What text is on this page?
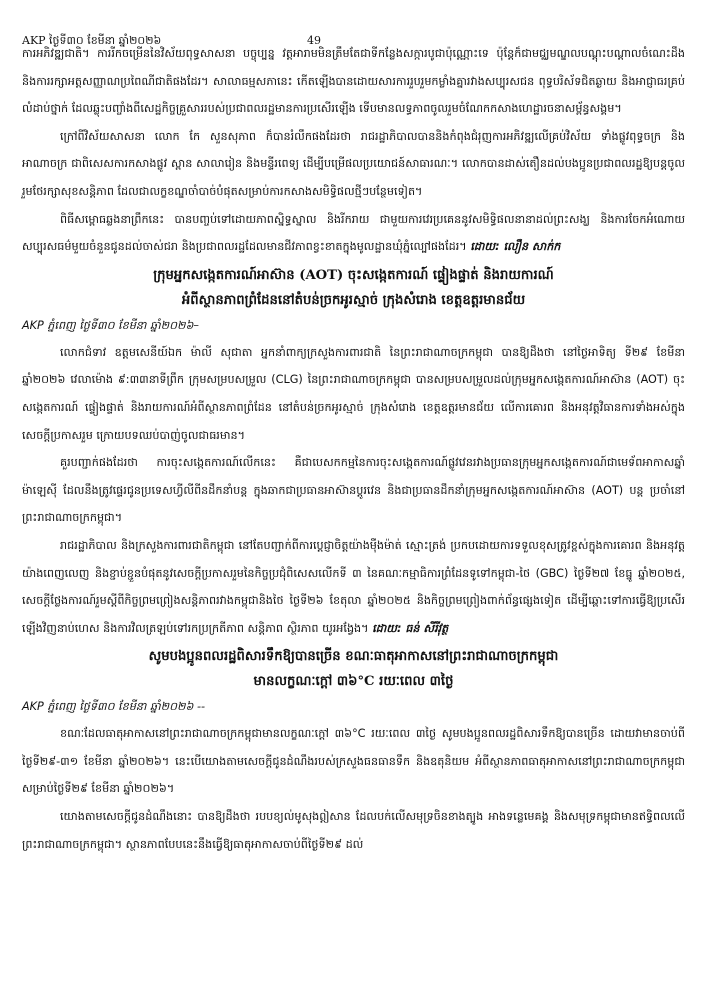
AKP ថ្ងៃទី៣០ ខែមីនា ឆ្នាំ២០២៦	49

ការអភិវឌ្ឍជាតិ។ ការរីកចម្រើននៃវិស័យពុទ្ធសាសនា បច្ចុប្បន្ន វត្តអារាមមិនត្រឹមតែជាទីកន្លែងសក្ការបូជាប៉ុណ្ណោះទេ ប៉ុន្តែក៏ជាមជ្ឈមណ្ឌលបណ្តុះបណ្តាលចំណេះដឹង និងការរក្សាអត្តសញ្ញាណប្រពៃណីជាតិផងដែរ។ សាលាធម្មសភានេះ កើតឡើងបានដោយសារការរួបរួមកម្លាំងគ្នារវាងសប្បុរសជន ពុទ្ធបរិស័ទជិតឆ្ងាយ និងអាជ្ញាធរគ្រប់លំដាប់ថ្នាក់ ដែលឆ្លុះបញ្ចាំងពីសេដ្ឋកិច្ចគ្រួសាររបស់ប្រជាពលរដ្ឋមានការប្រសើរឡើង ទើបមានលទ្ធភាពចូលរួមចំណែកកសាងហេដ្ឋារចនាសម្ព័ន្ធសង្គម។

ក្រៅពីវិស័យសាសនា លោក កែ សួនសុភាព ក៏បានរំលឹកផងដែរថា រាជរដ្ឋាភិបាលបាននិងកំពុងជំរុញការអភិវឌ្ឍលើគ្រប់វិស័យ ទាំងផ្លូវពុទ្ធចក្រ និងអាណាចក្រ ជាពិសេសការកសាងផ្លូវ ស្ពាន សាលារៀន និងមន្ទីរពេទ្យ ដើម្បីបម្រើផលប្រយោជន៍សាធារណៈ។ លោកបានដាស់តឿនដល់បងប្អូនប្រជាពលរដ្ឋឱ្យបន្តចូលរួមថែរក្សាសុខសន្តិភាព ដែលជាលក្ខខណ្ឌចាំបាច់បំផុតសម្រាប់ការកសាងសមិទ្ធិផលថ្មីៗបន្ថែមទៀត។

ពិធីសម្ពោធឆ្លងនាព្រឹកនេះ បានបញ្ចប់ទៅដោយភាពស្និទ្ធស្នាល និងរីករាយ ជាមួយការវេរប្រគេននូវសមិទ្ធិផលនានាដល់ព្រះសង្ឃ និងការចែកអំណោយសប្បុរសធម៌មួយចំនួនជូនដល់ចាស់ជរា និងប្រជាពលរដ្ឋដែលមានជីវភាពខ្វះខាតក្នុងមូលដ្ឋានឃុំភ្នំល្បៅផងដែរ។ ដោយ: លឿន សាក់ក

ក្រុមអ្នកសង្កេតការណ៍អាស៊ាន (AOT) ចុះសង្កេតការណ៍ ផ្ទៀងផ្ទាត់ និងរាយការណ៍
អំពីស្ថានភាពព្រំដែននៅតំបន់ច្រកអូរស្មាច់ ក្រុងសំរោង ខេត្តឧត្ដរមានជ័យ
AKP ភ្នំពេញ ថ្ងៃទី៣០ ខែមីនា ឆ្នាំ២០២៦–

លោកជំទាវ ឧត្តមសេនីយ៍ឯក ម៉ាលី សុជាតា អ្នកនាំពាក្យក្រសួងការពារជាតិ នៃព្រះរាជាណាចក្រកម្ពុជា បានឱ្យដឹងថា នៅថ្ងៃអាទិត្យ ទី២៩ ខែមីនា ឆ្នាំ២០២៦ វេលាម៉ោង ៩:៣៣នាទីព្រឹក ក្រុមសម្របសម្រួល (CLG) នៃព្រះរាជាណាចក្រកម្ពុជា បានសម្របសម្រួលដល់ក្រុមអ្នកសង្កេតការណ៍អាស៊ាន (AOT) ចុះសង្កេតការណ៍ ផ្ទៀងផ្ទាត់ និងរាយការណ៍អំពីស្ថានភាពព្រំដែន នៅតំបន់ច្រកអូរស្មាច់ ក្រុងសំរោង ខេត្តឧត្តរមានជ័យ លើការគោរព និងអនុវត្តវិធានការទាំងអស់ក្នុងសេចក្ដីប្រកាសរួម ក្រោយបទឈប់បាញ់ចូលជាធរមាន។

គួរបញ្ជាក់ផងដែរថា ការចុះសង្កេតការណ៍លើកនេះ គឺជាបេសកកម្មនៃការចុះសង្កេតការណ៍ផ្លូវវេនរវាងប្រធានក្រុមអ្នកសង្កេតការណ៍ជាមេទ័ពអាកាសឆ្នាំម៉ាឡេស៊ី ដែលនឹងត្រូវផ្ទេរជូនប្រទេសហ្វីលីពីនដឹកនាំបន្ត ក្នុងឆាកជាប្រធានអាស៊ានប្ដូរវេន និងជាប្រធានដឹកនាំក្រុមអ្នកសង្កេតការណ៍អាស៊ាន (AOT) បន្ត ប្រចាំនៅព្រះរាជាណាចក្រកម្ពុជា។

រាជរដ្ឋាភិបាល និងក្រសួងការពារជាតិកម្ពុជា នៅតែបញ្ជាក់ពីការប្តេជ្ញាចិត្តយ៉ាងម៉ឺងម៉ាត់ ស្មោះត្រង់ ប្រកបដោយការទទួលខុសត្រូវខ្ពស់ក្នុងការគោរព និងអនុវត្តយ៉ាងពេញលេញ និងខ្ជាប់ខ្ជួនបំផុតនូវសេចក្ដីប្រកាសរួមនៃកិច្ចប្រជុំពិសេសលើកទី ៣ នៃគណៈកម្មាធិការព្រំដែនទូទៅកម្ពុជា-ថៃ (GBC) ថ្ងៃទី២៧ ខែធ្នូ ឆ្នាំ២០២៥, សេចក្ដីថ្លែងការណ៍រួមស្ដីពីកិច្ចព្រមព្រៀងសន្តិភាពរវាងកម្ពុជានិងថៃ ថ្ងៃទី២៦ ខែតុលា ឆ្នាំ២០២៥ និងកិច្ចព្រមព្រៀងពាក់ព័ន្ធផ្សេងទៀត ដើម្បីឆ្ពោះទៅការធ្វើឱ្យប្រសើរឡើងវិញនាប់ហេស និងការវិលត្រឡប់ទៅរកប្រក្រតីភាព សន្តិភាព ស្ថិរភាព យូរអង្វែង។ ដោយ: ធន់ សីរីវុត្ថ

សូមបងប្អូនពលរដ្ឋពិសារទឹកឱ្យបានច្រើន ខណៈធាតុអាកាសនៅព្រះរាជាណាចក្រកម្ពុជា
មានលក្ខណៈក្ដៅ ៣៦°C រយៈពេល ៣ថ្ងៃ
AKP ភ្នំពេញ ថ្ងៃទី៣០ ខែមីនា ឆ្នាំ២០២៦ --

ខណៈដែលធាតុអាកាសនៅព្រះរាជាណាចក្រកម្ពុជាមានលក្ខណៈក្ដៅ ៣៦°C រយៈពេល ៣ថ្ងៃ សូមបងប្អូនពលរដ្ឋពិសារទឹកឱ្យបានច្រើន ដោយវាមានចាប់ពីថ្ងៃទី២៩-៣១ ខែមីនា ឆ្នាំ២០២៦។ នេះបើយោងតាមសេចក្ដីជូនដំណឹងរបស់ក្រសួងធនធានទឹក និងឧតុនិយម អំពីស្ថានភាពធាតុអាកាសនៅព្រះរាជាណាចក្រកម្ពុជា សម្រាប់ថ្ងៃទី២៩ ខែមីនា ឆ្នាំ២០២៦។

យោងតាមសេចក្ដីជូនដំណឹងនោះ បានឱ្យដឹងថា របបខ្យល់មូសុងឦសាន ដែលបក់លើសមុទ្រចិនខាងត្បូង អាងទន្លេមេគង្គ និងសមុទ្រកម្ពុជាមានឥទ្ធិពលលើព្រះរាជាណាចក្រកម្ពុជា។ ស្ថានភាពបែបនេះនឹងធ្វើឱ្យធាតុអាកាសចាប់ពីថ្ងៃទី២៩ ដល់
